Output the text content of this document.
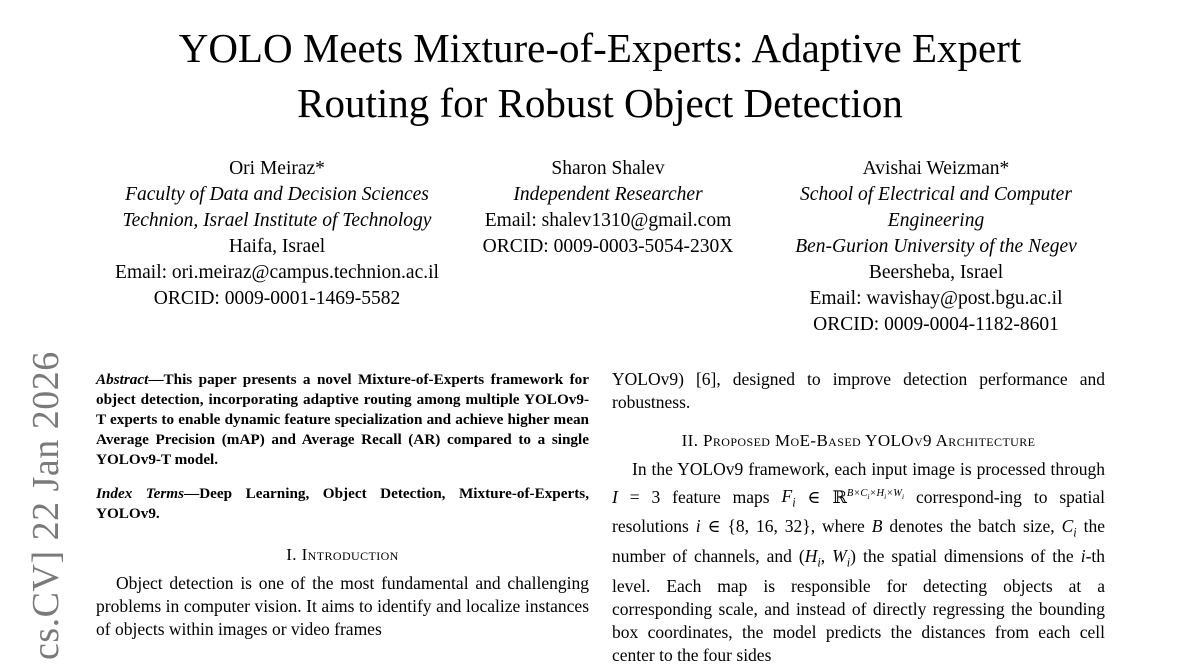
YOLO Meets Mixture-of-Experts: Adaptive Expert
Routing for Robust Object Detection
Ori Meiraz*
Faculty of Data and Decision Sciences
Technion, Israel Institute of Technology
Haifa, Israel
Email: ori.meiraz@campus.technion.ac.il
ORCID: 0009-0001-1469-5582
Sharon Shalev
Independent Researcher
Email: shalev1310@gmail.com
ORCID: 0009-0003-5054-230X
Avishai Weizman*
School of Electrical and Computer
Engineering
Ben-Gurion University of the Negev
Beersheba, Israel
Email: wavishay@post.bgu.ac.il
ORCID: 0009-0004-1182-8601
cs.CV] 22 Jan 2026 Abstract—This paper presents a novel Mixture-of-Experts framework for object detection, incorporating adaptive routing among multiple YOLOv9-T experts to enable dynamic feature specialization and achieve higher mean Average Precision (mAP) and Average Recall (AR) compared to a single YOLOv9-T model.

Index Terms—Deep Learning, Object Detection, Mixture-of-Experts, YOLOv9.

I. Introduction

Object detection is one of the most fundamental and challenging problems in computer vision. It aims to identify and localize instances of objects within images or video frames

YOLOv9) [6], designed to improve detection performance and robustness.

II. Proposed MoE-Based YOLOv9 Architecture

In the YOLOv9 framework, each input image is processed through I = 3 feature maps $F_i$ ∈ ℝ$^{B\times C_i\times H_i\times W_i}$ correspond-ing to spatial resolutions i ∈ {8, 16, 32}, where B denotes the batch size, $C_i$ the number of channels, and ($H_i$, $W_i$) the spatial dimensions of the i-th level. Each map is responsible for detecting objects at a corresponding scale, and instead of directly regressing the bounding box coordinates, the model predicts the distances from each cell center to the four sides
